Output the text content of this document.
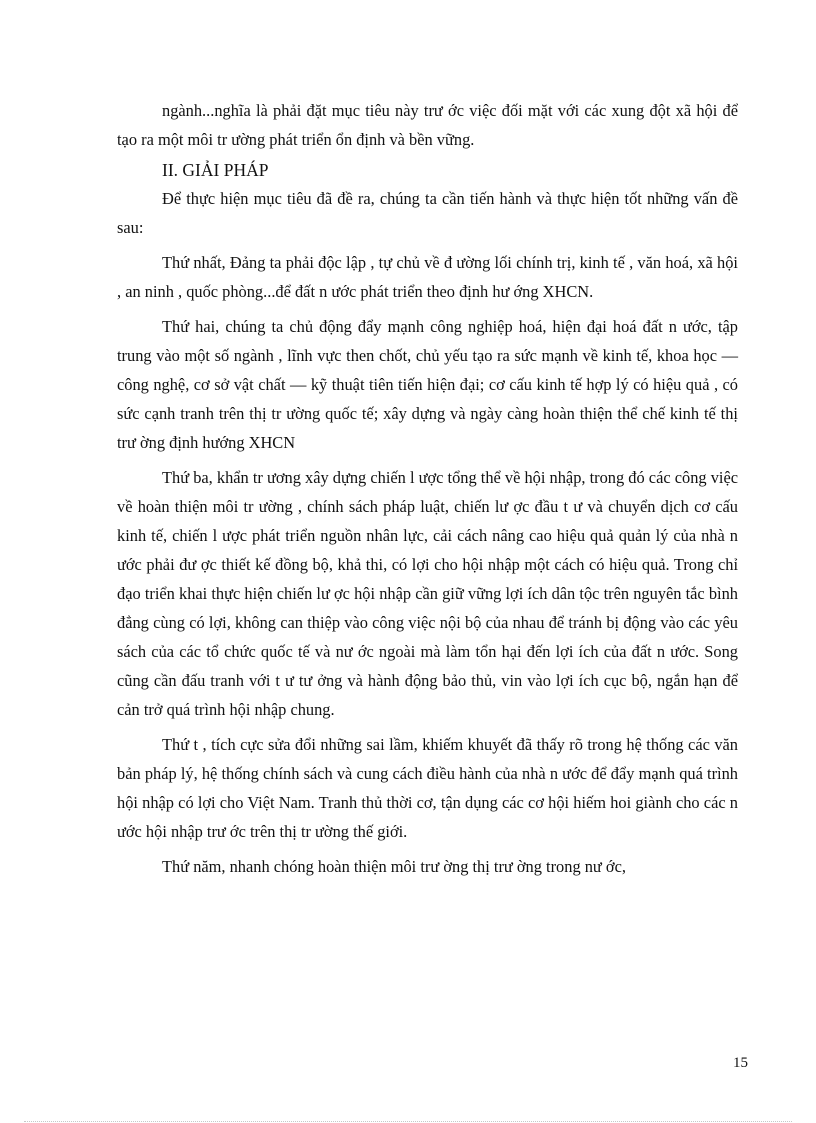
ngành...nghĩa là phải đặt mục tiêu này trư ớc việc đối mặt với các xung đột xã hội để tạo ra một môi tr ường phát triển ổn định và bền vững.

II. GIẢI PHÁP

Để thực hiện mục tiêu đã đề ra, chúng ta cần tiến hành và thực hiện tốt những vấn đề sau:

Thứ nhất, Đảng ta phải độc lập , tự chủ về đ ường lối chính trị, kinh tế , văn hoá, xã hội , an ninh , quốc phòng...để đất n ước phát triển theo định hư ớng XHCN.

Thứ hai, chúng ta chủ động đẩy mạnh công nghiệp hoá, hiện đại hoá đất n ước, tập trung vào một số ngành , lĩnh vực then chốt, chủ yếu tạo ra sức mạnh về kinh tế, khoa học — công nghệ, cơ sở vật chất — kỹ thuật tiên tiến hiện đại; cơ cấu kinh tế hợp lý có hiệu quả , có sức cạnh tranh trên thị tr ường quốc tế; xây dựng và ngày càng hoàn thiện thể chế kinh tế thị trư ờng định hướng XHCN

Thứ ba, khẩn tr ương xây dựng chiến l ược tổng thể về hội nhập, trong đó các công việc về hoàn thiện môi tr ường , chính sách pháp luật, chiến lư ợc đầu t ư và chuyển dịch cơ cấu kinh tế, chiến l ược phát triển nguồn nhân lực, cải cách nâng cao hiệu quả quản lý của nhà n ước phải đư ợc thiết kế đồng bộ, khả thi, có lợi cho hội nhập một cách có hiệu quả. Trong chỉ đạo triển khai thực hiện chiến lư ợc hội nhập cần giữ vững lợi ích dân tộc trên nguyên tắc bình đẳng cùng có lợi, không can thiệp vào công việc nội bộ của nhau để tránh bị động vào các yêu sách của các tổ chức quốc tế và nư ớc ngoài mà làm tổn hại đến lợi ích của đất n ước. Song cũng cần đấu tranh với t ư tư ởng và hành động bảo thủ, vin vào lợi ích cục bộ, ngắn hạn để cản trở quá trình hội nhập chung.

Thứ t , tích cực sửa đổi những sai lầm, khiếm khuyết đã thấy rõ trong hệ thống các văn bản pháp lý, hệ thống chính sách và cung cách điều hành của nhà n ước để đẩy mạnh quá trình hội nhập có lợi cho Việt Nam. Tranh thủ thời cơ, tận dụng các cơ hội hiếm hoi giành cho các n ước hội nhập trư ớc trên thị tr ường thế giới.

Thứ năm, nhanh chóng hoàn thiện môi trư ờng thị trư ờng trong nư ớc,

15
